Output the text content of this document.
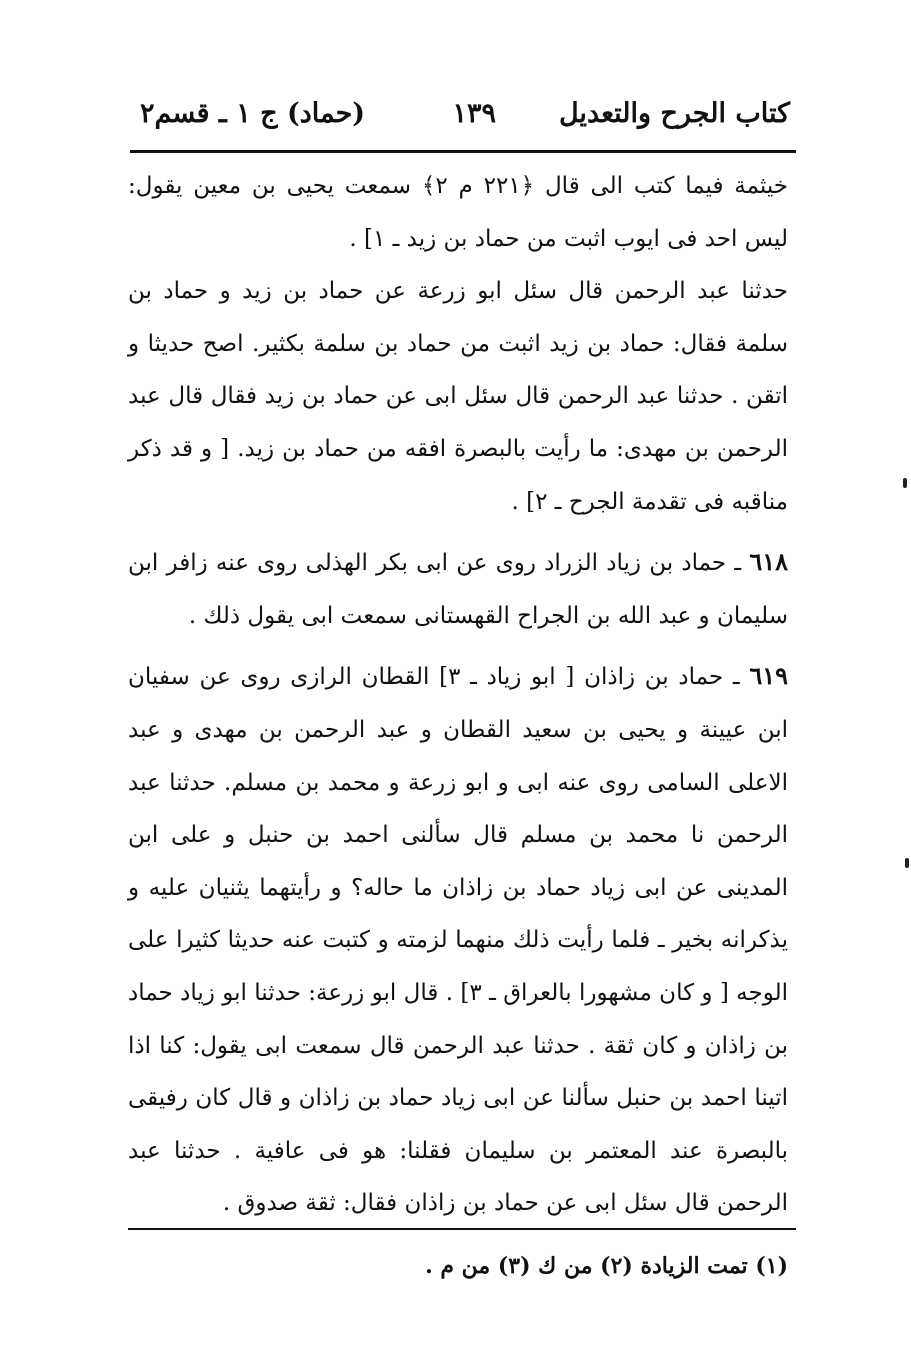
كتاب الجرح والتعديل
١٣٩
(حماد) ج ١ ـ قسم٢

خيثمة فيما كتب الى قال ﴿٢٢١ م ٢﴾ سمعت يحيى بن معين يقول: ليس احد فى ايوب اثبت من حماد بن زيد ـ ١] .

حدثنا عبد الرحمن قال سئل ابو زرعة عن حماد بن زيد و حماد بن سلمة فقال: حماد بن زيد اثبت من حماد بن سلمة بكثير. اصح حديثا و اتقن . حدثنا عبد الرحمن قال سئل ابى عن حماد بن زيد فقال قال عبد الرحمن بن مهدى: ما رأيت بالبصرة افقه من حماد بن زيد. [ و قد ذكر مناقبه فى تقدمة الجرح ـ ٢] .

٦١٨ ـ حماد بن زياد الزراد روى عن ابى بكر الهذلى روى عنه زافر ابن سليمان و عبد الله بن الجراح القهستانى سمعت ابى يقول ذلك .

٦١٩ ـ حماد بن زاذان [ ابو زياد ـ ٣] القطان الرازى روى عن سفيان ابن عيينة و يحيى بن سعيد القطان و عبد الرحمن بن مهدى و عبد الاعلى السامى روى عنه ابى و ابو زرعة و محمد بن مسلم. حدثنا عبد الرحمن نا محمد بن مسلم قال سألنى احمد بن حنبل و على ابن المدينى عن ابى زياد حماد بن زاذان ما حاله؟ و رأيتهما يثنيان عليه و يذكرانه بخير ـ فلما رأيت ذلك منهما لزمته و كتبت عنه حديثا كثيرا على الوجه [ و كان مشهورا بالعراق ـ ٣] . قال ابو زرعة: حدثنا ابو زياد حماد بن زاذان و كان ثقة . حدثنا عبد الرحمن قال سمعت ابى يقول: كنا اذا اتينا احمد بن حنبل سألنا عن ابى زياد حماد بن زاذان و قال كان رفيقى بالبصرة عند المعتمر بن سليمان فقلنا: هو فى عافية . حدثنا عبد الرحمن قال سئل ابى عن حماد بن زاذان فقال: ثقة صدوق .

(١) تمت الزيادة (٢) من ك (٣) من م .
